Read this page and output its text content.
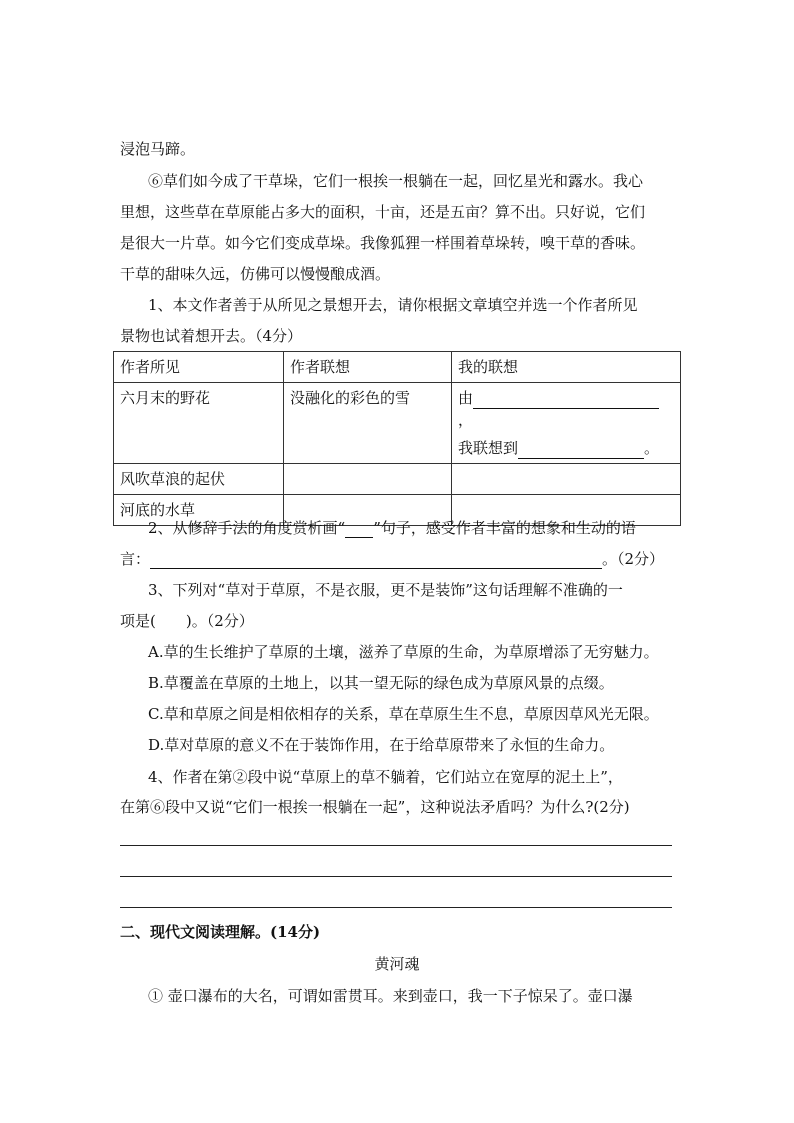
浸泡马蹄。
⑥草们如今成了干草垛，它们一根挨一根躺在一起，回忆星光和露水。我心
里想，这些草在草原能占多大的面积，十亩，还是五亩？算不出。只好说，它们
是很大一片草。如今它们变成草垛。我像狐狸一样围着草垛转，嗅干草的香味。
干草的甜味久远，仿佛可以慢慢酿成酒。
1、本文作者善于从所见之景想开去，请你根据文章填空并选一个作者所见
景物也试着想开去。（4分）
作者所见	作者联想	我的联想
六月末的野花	没融化的彩色的雪	由，
我联想到 。

风吹草浪的起伏		
河底的水草		
2、从修辞手法的角度赏析画“ ”句子，感受作者丰富的想象和生动的语
言：	。（2分）
3、下列对“草对于草原，不是衣服，更不是装饰”这句话理解不准确的一
项是(　　)。（2分）
A.草的生长维护了草原的土壤，滋养了草原的生命，为草原增添了无穷魅力。
B.草覆盖在草原的土地上，以其一望无际的绿色成为草原风景的点缀。
C.草和草原之间是相依相存的关系，草在草原生生不息，草原因草风光无限。
D.草对草原的意义不在于装饰作用，在于给草原带来了永恒的生命力。
4、作者在第②段中说“草原上的草不躺着，它们站立在宽厚的泥土上”，
在第⑥段中又说“它们一根挨一根躺在一起”，这种说法矛盾吗？为什么?(2分)
二、现代文阅读理解。(14分)
黄河魂
① 壶口瀑布的大名，可谓如雷贯耳。来到壶口，我一下子惊呆了。壶口瀑
